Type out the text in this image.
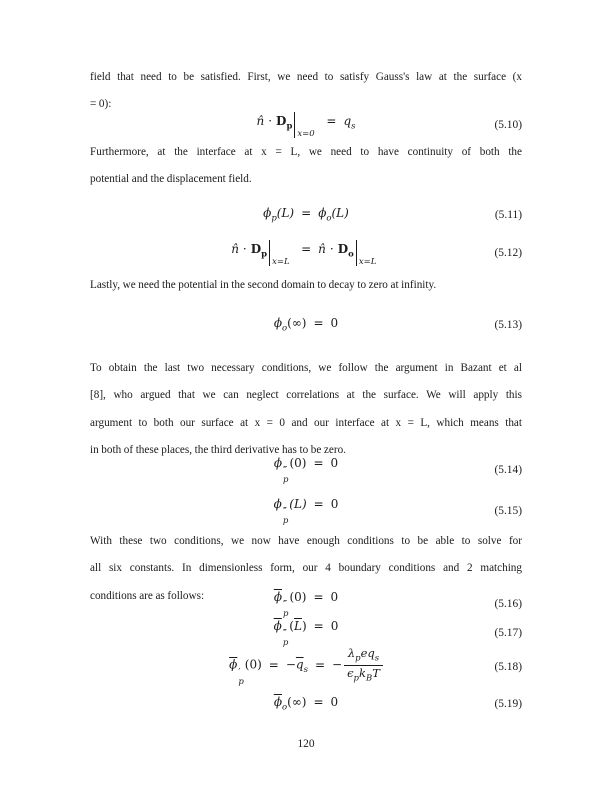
field that need to be satisfied. First, we need to satisfy Gauss's law at the surface (x
= 0):
n̂ · $D_p$
x=0
= $q_s$	(5.10)
Furthermore, at the interface at x = L, we need to have continuity of both the
potential and the displacement field.
$\phi_p(L) = \phi_o(L)$	(5.11)
n̂ · $D_p$
x=L
= n̂ · $D_o$
x=L
(5.12)
Lastly, we need the potential in the second domain to decay to zero at infinity.
$\phi_o(\infty) = 0$	(5.13)
To obtain the last two necessary conditions, we follow the argument in Bazant et al
[8], who argued that we can neglect correlations at the surface. We will apply this
argument to both our surface at x = 0 and our interface at x = L, which means that
in both of these places, the third derivative has to be zero.
ϕ
′′′
p
(0) = 0
(5.14)
ϕ
′′′
p
(L) = 0
(5.15)
With these two conditions, we now have enough conditions to be able to solve for
all six constants. In dimensionless form, our 4 boundary conditions and 2 matching
conditions are as follows:	$\overline{\phi}$
′′′
p
(0) = 0
(5.16)
$\overline{\phi}$
′′′
p
$(\overline{L}) = 0$
(5.17)
$\overline{\phi}$
′
p
$(0) = -\overline{q}_s$ = − $\frac{\lambda_peq_s}{\epsilon_pk_BT}$	(5.18)
$\overline{\phi}_o(\infty) = 0$	(5.19)
120
